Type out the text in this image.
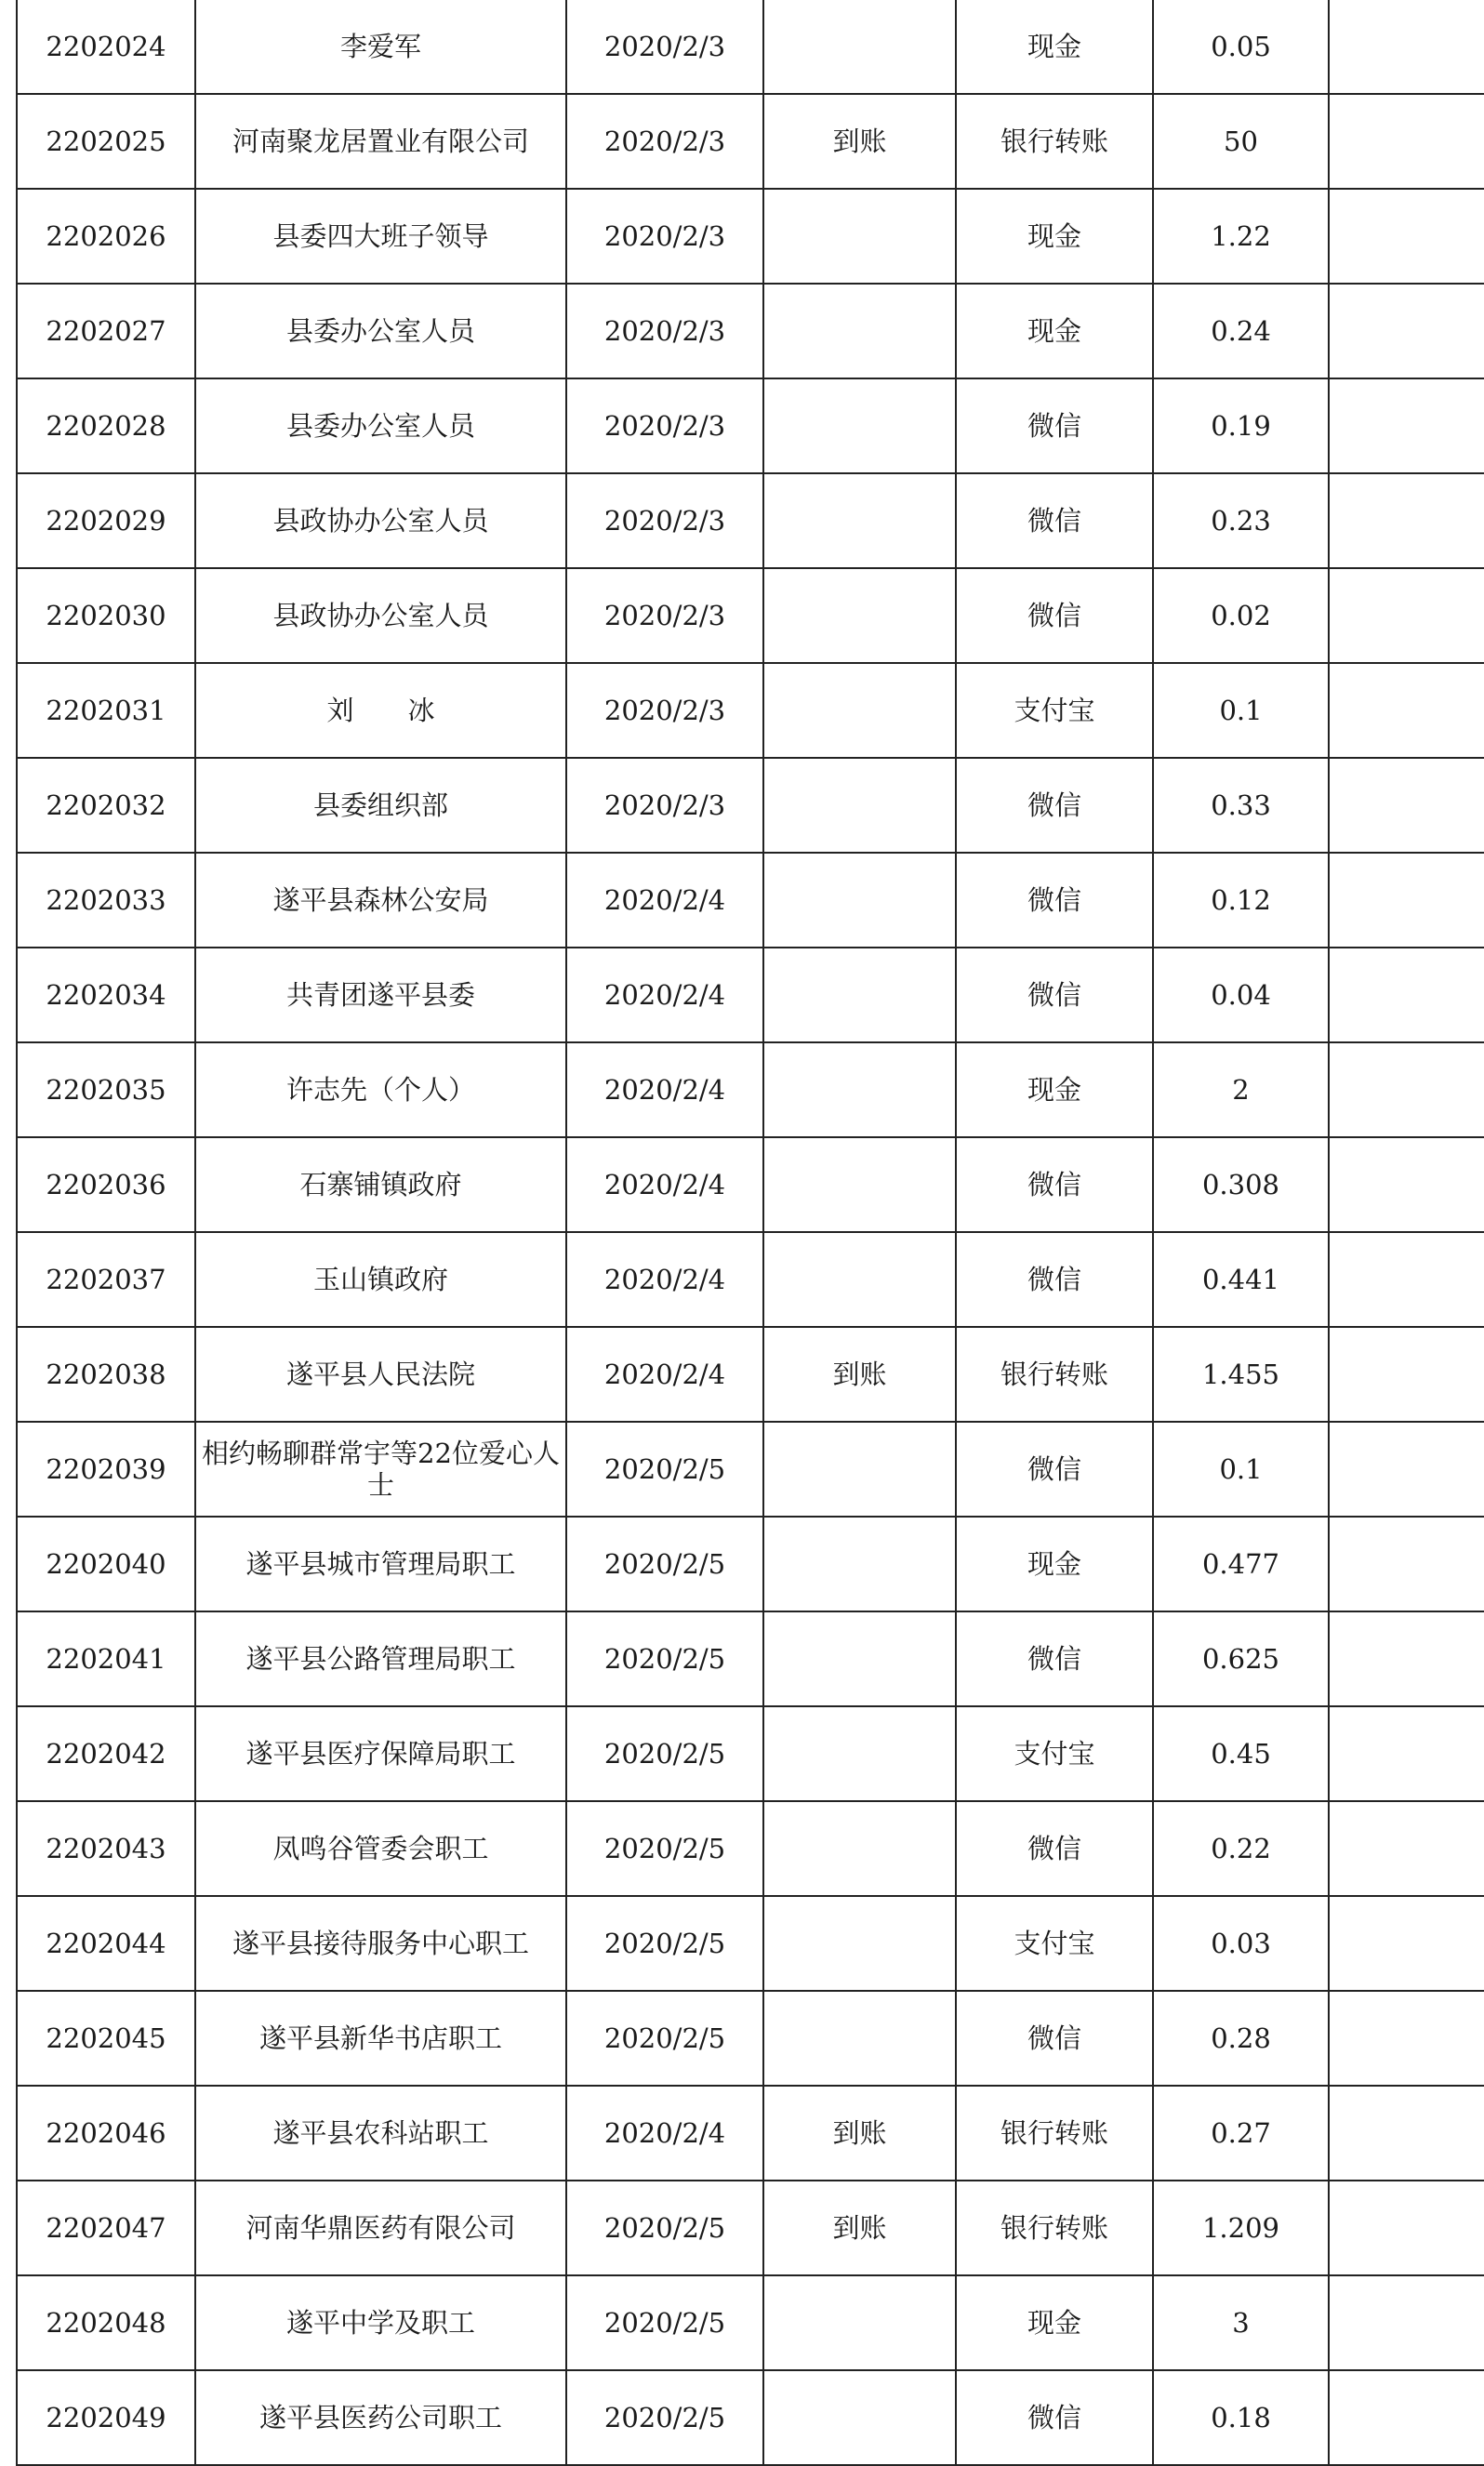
2202024	李爱军	2020/2/3		现金	0.05	
2202025	河南聚龙居置业有限公司	2020/2/3	到账	银行转账	50	
2202026	县委四大班子领导	2020/2/3		现金	1.22	
2202027	县委办公室人员	2020/2/3		现金	0.24	
2202028	县委办公室人员	2020/2/3		微信	0.19	
2202029	县政协办公室人员	2020/2/3		微信	0.23	
2202030	县政协办公室人员	2020/2/3		微信	0.02	
2202031	刘　　冰	2020/2/3		支付宝	0.1	
2202032	县委组织部	2020/2/3		微信	0.33	
2202033	遂平县森林公安局	2020/2/4		微信	0.12	
2202034	共青团遂平县委	2020/2/4		微信	0.04	
2202035	许志先（个人）	2020/2/4		现金	2	
2202036	石寨铺镇政府	2020/2/4		微信	0.308	
2202037	玉山镇政府	2020/2/4		微信	0.441	
2202038	遂平县人民法院	2020/2/4	到账	银行转账	1.455	
2202039	相约畅聊群常宇等22位爱心人士	2020/2/5		微信	0.1	
2202040	遂平县城市管理局职工	2020/2/5		现金	0.477	
2202041	遂平县公路管理局职工	2020/2/5		微信	0.625	
2202042	遂平县医疗保障局职工	2020/2/5		支付宝	0.45	
2202043	凤鸣谷管委会职工	2020/2/5		微信	0.22	
2202044	遂平县接待服务中心职工	2020/2/5		支付宝	0.03	
2202045	遂平县新华书店职工	2020/2/5		微信	0.28	
2202046	遂平县农科站职工	2020/2/4	到账	银行转账	0.27	
2202047	河南华鼎医药有限公司	2020/2/5	到账	银行转账	1.209	
2202048	遂平中学及职工	2020/2/5		现金	3	
2202049	遂平县医药公司职工	2020/2/5		微信	0.18	
